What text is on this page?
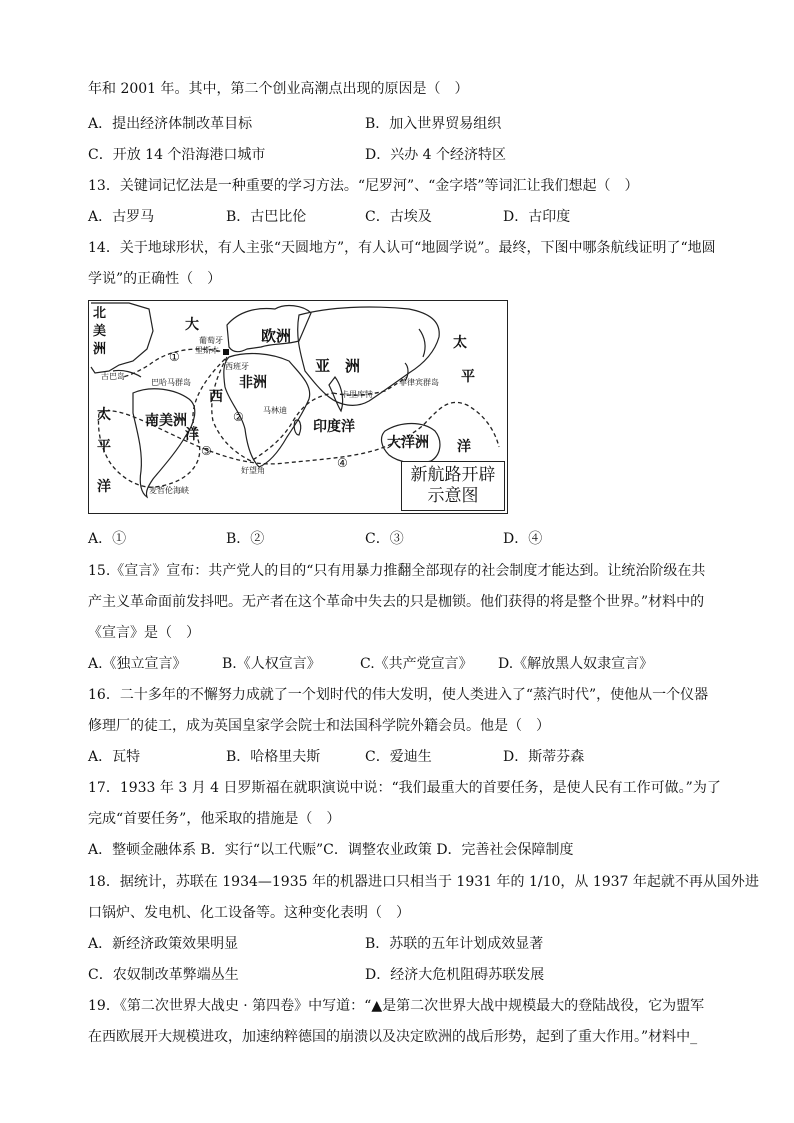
年和 2001 年。其中，第二个创业高潮点出现的原因是（　）
A．提出经济体制改革目标	B．加入世界贸易组织
C．开放 14 个沿海港口城市	D．兴办 4 个经济特区
13．关键词记忆法是一种重要的学习方法。“尼罗河”、“金字塔”等词汇让我们想起（　）
A．古罗马	B．古巴比伦	C．古埃及	D．古印度
14．关于地球形状，有人主张“天圆地方”，有人认可“地圆学说”。最终，下图中哪条航线证明了“地圆
学说”的正确性（　）
北
美
洲
大
西
洋
欧洲
亚 洲
非洲
南美洲
太
平
洋
太
平
洋
印度洋
大洋洲
葡萄牙
里斯本
西班牙
古巴岛
巴哈马群岛	菲律宾群岛
卡里库特
马林迪
好望角
麦哲伦海峡
①
②
③
④
新航路开辟
示意图
A．①	B．②	C．③	D．④
15.《宣言》宣布：共产党人的目的“只有用暴力推翻全部现存的社会制度才能达到。让统治阶级在共
产主义革命面前发抖吧。无产者在这个革命中失去的只是枷锁。他们获得的将是整个世界。”材料中的
《宣言》是（　）
A.《独立宣言》	B.《人权宣言》	C.《共产党宣言》 D.《解放黑人奴隶宣言》
16．二十多年的不懈努力成就了一个划时代的伟大发明，使人类进入了“蒸汽时代”，使他从一个仪器
修理厂的徒工，成为英国皇家学会院士和法国科学院外籍会员。他是（　）
A．瓦特	B．哈格里夫斯	C．爱迪生	D．斯蒂芬森
17．1933 年 3 月 4 日罗斯福在就职演说中说：“我们最重大的首要任务，是使人民有工作可做。”为了
完成“首要任务”，他采取的措施是（　）
A．整顿金融体系 B．实行“以工代赈”C．调整农业政策 D．完善社会保障制度
18．据统计，苏联在 1934—1935 年的机器进口只相当于 1931 年的 1/10，从 1937 年起就不再从国外进
口锅炉、发电机、化工设备等。这种变化表明（　）
A．新经济政策效果明显	B．苏联的五年计划成效显著
C．农奴制改革弊端丛生	D．经济大危机阻碍苏联发展
19．《第二次世界大战史 · 第四卷》中写道：“▲是第二次世界大战中规模最大的登陆战役，它为盟军
在西欧展开大规模进攻，加速纳粹德国的崩溃以及决定欧洲的战后形势，起到了重大作用。”材料中_
